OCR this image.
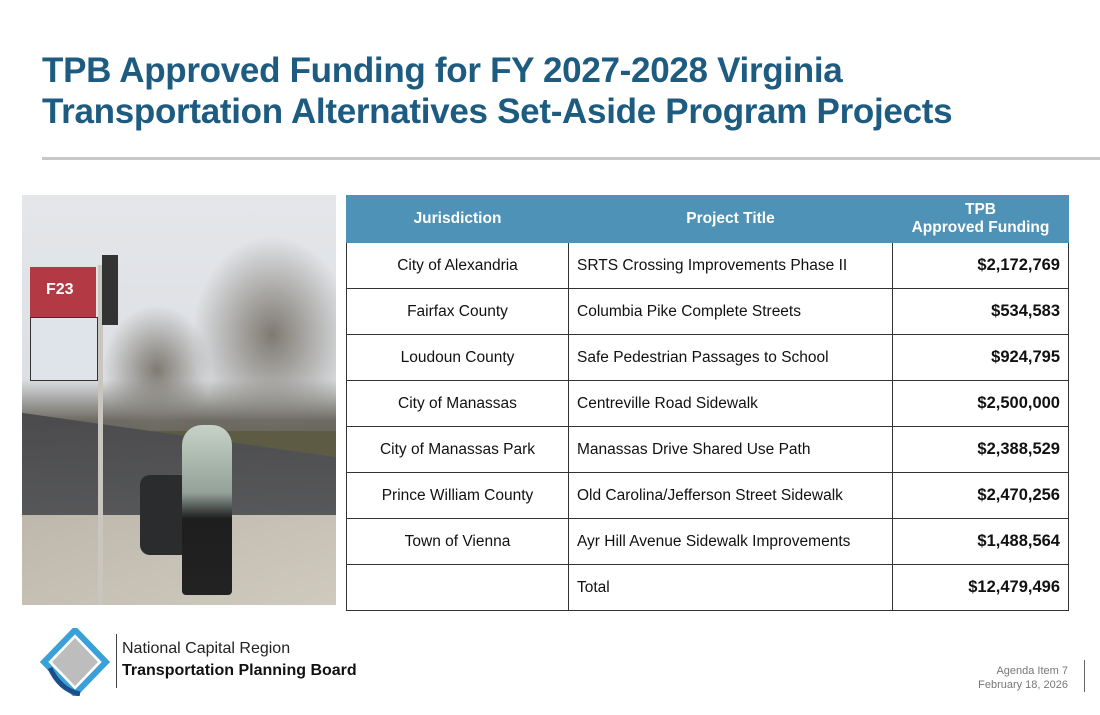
TPB Approved Funding for FY 2027-2028 Virginia Transportation Alternatives Set-Aside Program Projects
F23
Jurisdiction	Project Title	TPB
Approved Funding
City of Alexandria	SRTS Crossing Improvements Phase II	$2,172,769
Fairfax County	Columbia Pike Complete Streets	$534,583
Loudoun County	Safe Pedestrian Passages to School	$924,795
City of Manassas	Centreville Road Sidewalk	$2,500,000
City of Manassas Park	Manassas Drive Shared Use Path	$2,388,529
Prince William County	Old Carolina/Jefferson Street Sidewalk	$2,470,256
Town of Vienna	Ayr Hill Avenue Sidewalk Improvements	$1,488,564
	Total	$12,479,496
National Capital Region
Transportation Planning Board	Agenda Item 7
February 18, 2026
